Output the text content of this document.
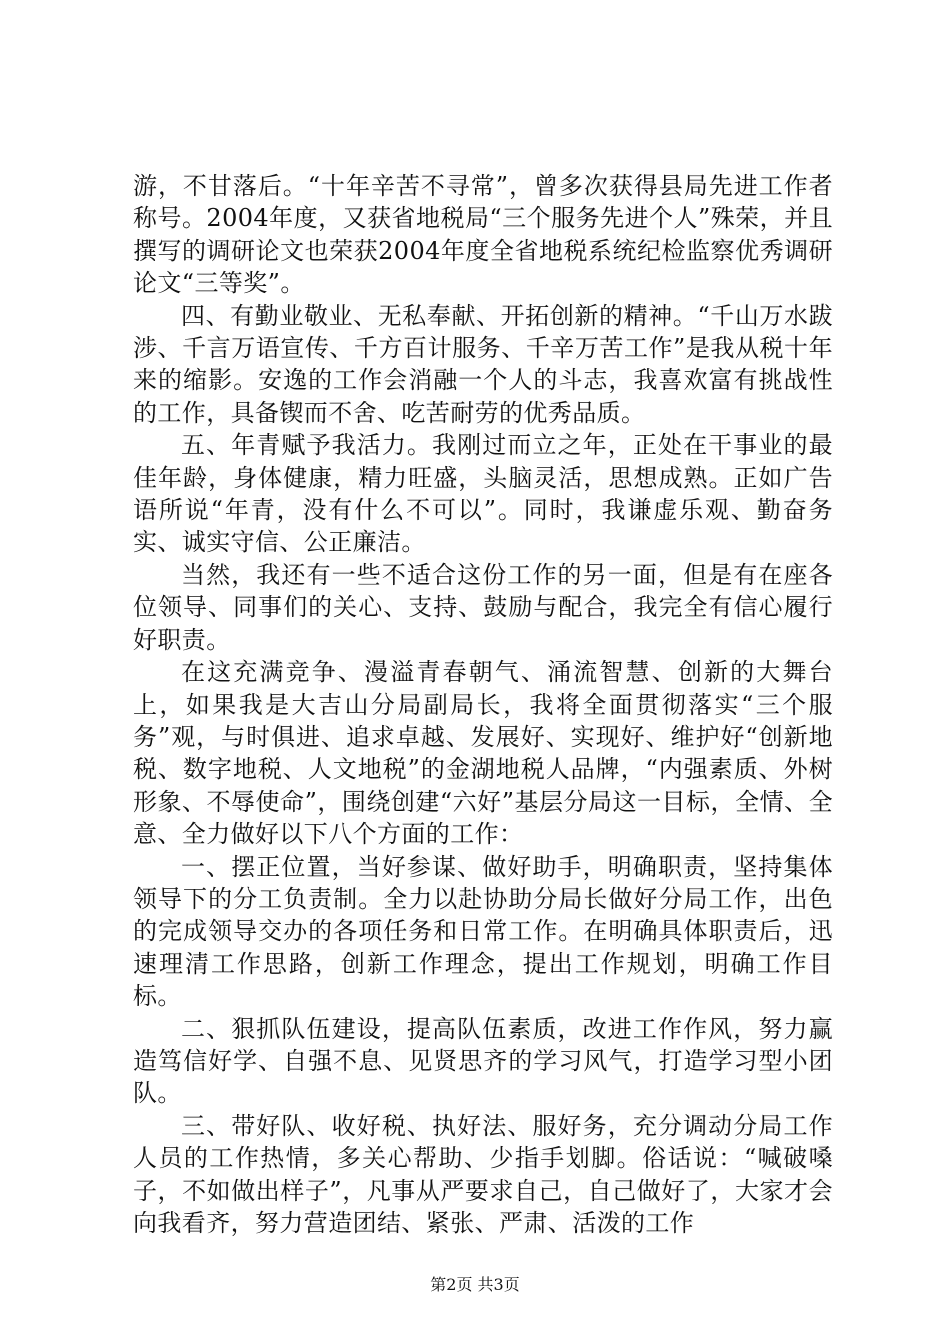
游，不甘落后。“十年辛苦不寻常”，曾多次获得县局先进工作者称号。2004年度，又获省地税局“三个服务先进个人”殊荣，并且撰写的调研论文也荣获2004年度全省地税系统纪检监察优秀调研论文“三等奖”。

四、有勤业敬业、无私奉献、开拓创新的精神。“千山万水跋涉、千言万语宣传、千方百计服务、千辛万苦工作”是我从税十年来的缩影。安逸的工作会消融一个人的斗志，我喜欢富有挑战性的工作，具备锲而不舍、吃苦耐劳的优秀品质。

五、年青赋予我活力。我刚过而立之年，正处在干事业的最佳年龄，身体健康，精力旺盛，头脑灵活，思想成熟。正如广告语所说“年青，没有什么不可以”。同时，我谦虚乐观、勤奋务实、诚实守信、公正廉洁。

当然，我还有一些不适合这份工作的另一面，但是有在座各位领导、同事们的关心、支持、鼓励与配合，我完全有信心履行好职责。

在这充满竞争、漫溢青春朝气、涌流智慧、创新的大舞台上，如果我是大吉山分局副局长，我将全面贯彻落实“三个服务”观，与时俱进、追求卓越、发展好、实现好、维护好“创新地税、数字地税、人文地税”的金湖地税人品牌，“内强素质、外树形象、不辱使命”，围绕创建“六好”基层分局这一目标，全情、全意、全力做好以下八个方面的工作：

一、摆正位置，当好参谋、做好助手，明确职责，坚持集体领导下的分工负责制。全力以赴协助分局长做好分局工作，出色的完成领导交办的各项任务和日常工作。在明确具体职责后，迅速理清工作思路，创新工作理念，提出工作规划，明确工作目标。

二、狠抓队伍建设，提高队伍素质，改进工作作风，努力赢造笃信好学、自强不息、见贤思齐的学习风气，打造学习型小团队。

三、带好队、收好税、执好法、服好务，充分调动分局工作人员的工作热情，多关心帮助、少指手划脚。俗话说：“喊破嗓子，不如做出样子”，凡事从严要求自己，自己做好了，大家才会向我看齐，努力营造团结、紧张、严肃、活泼的工作

第2页 共3页
